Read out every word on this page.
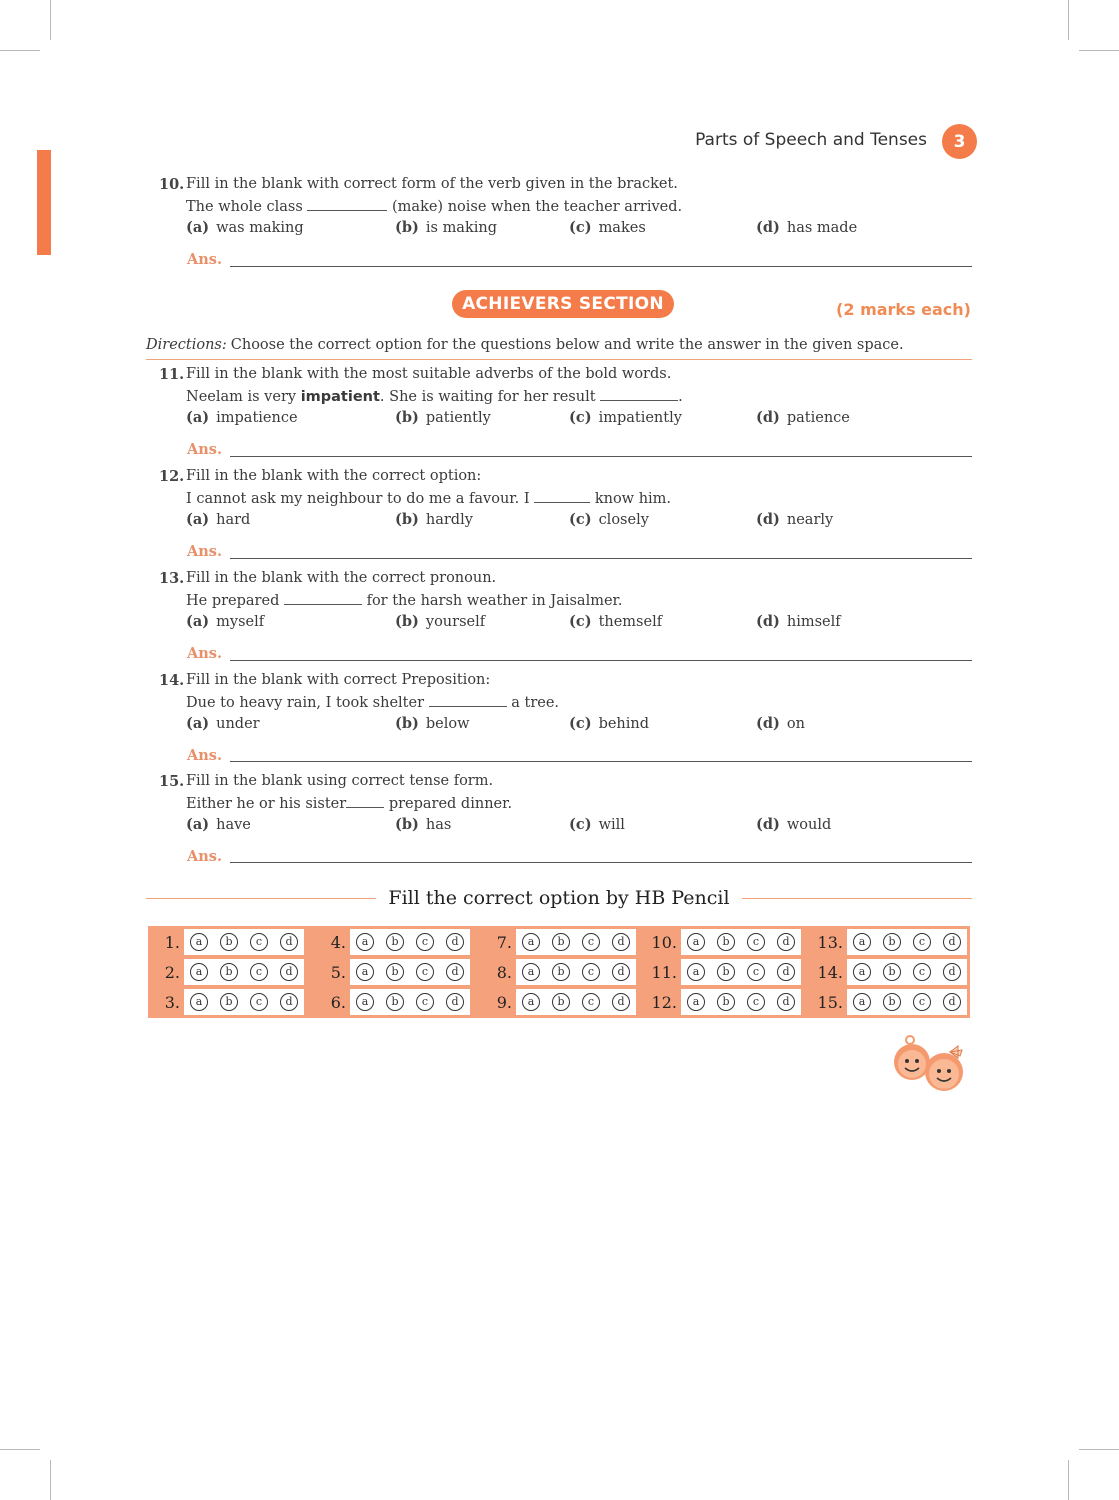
Parts of Speech and Tenses	3
10. Fill in the blank with correct form of the verb given in the bracket.
The whole class	(make) noise when the teacher arrived.
(a) was making	(b) is making	(c) makes	(d) has made
Ans.
ACHIEVERS SECTION	(2 marks each)
Directions: Choose the correct option for the questions below and write the answer in the given space.
11. Fill in the blank with the most suitable adverbs of the bold words.
Neelam is very impatient. She is waiting for her result	.
(a) impatience	(b) patiently	(c) impatiently	(d) patience
Ans.
12. Fill in the blank with the correct option:
I cannot ask my neighbour to do me a favour. I	know him.
(a) hard	(b) hardly	(c) closely	(d) nearly
Ans.
13. Fill in the blank with the correct pronoun.
He prepared	for the harsh weather in Jaisalmer.
(a) myself	(b) yourself	(c) themself	(d) himself
Ans.
14. Fill in the blank with correct Preposition:
Due to heavy rain, I took shelter	a tree.
(a) under	(b) below	(c) behind	(d) on
Ans.
15. Fill in the blank using correct tense form.
Either he or his sister	prepared dinner.
(a) have	(b) has	(c) will	(d) would
Ans.
Fill the correct option by HB Pencil
1.	a	b	c	d
2.	a	b	c	d
3.	a	b	c	d
4.	a	b	c	d
5.	a	b	c	d
6.	a	b	c	d
7.	a	b	c	d
8.	a	b	c	d
9.	a	b	c	d
10.	a	b	c	d
11.	a	b	c	d
12.	a	b	c	d
13.	a	b	c	d
14.	a	b	c	d
15.	a	b	c	d
